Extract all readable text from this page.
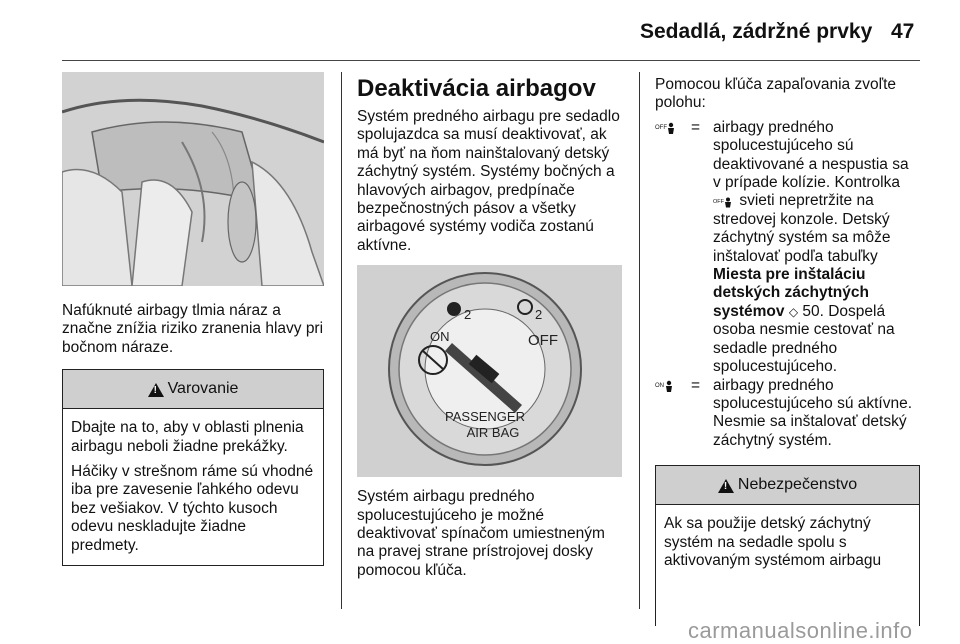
Sedadlá, zádržné prvky 47

Nafúknuté airbagy tlmia náraz a značne znížia riziko zranenia hlavy pri bočnom náraze.

!
Varovanie

Dbajte na to, aby v oblasti plnenia airbagu neboli žiadne prekážky.

Háčiky v strešnom ráme sú vhodné iba pre zavesenie ľahkého odevu bez vešiakov. V týchto kusoch odevu neskladujte žiadne predmety.

Deaktivácia airbagov

Systém predného airbagu pre sedadlo spolujazdca sa musí deaktivovať, ak má byť na ňom nainštalovaný detský záchytný systém. Systémy bočných a hlavových airbagov, predpínače bezpečnostných pásov a všetky airbagové systémy vodiča zostanú aktívne.

ON	OFF
2	2
PASSENGER
AIR BAG

Systém airbagu predného spolucestujúceho je možné deaktivovať spínačom umiestneným na pravej strane prístrojovej dosky pomocou kľúča.

Pomocou kľúča zapaľovania zvoľte polohu:

OFF = airbagy predného spolucestujúceho sú deaktivované a nespustia sa v prípade kolízie. Kontrolka
OFF svieti nepretržite na stredovej konzole. Detský záchytný systém sa môže inštalovať podľa tabuľky Miesta pre inštaláciu detských záchytných systémov ◇ 50. Dospelá osoba nesmie cestovať na sedadle predného spolucestujúceho.
ON = airbagy predného spolucestujúceho sú aktívne. Nesmie sa inštalovať detský záchytný systém.
!
Nebezpečenstvo

Ak sa použije detský záchytný systém na sedadle spolu s aktivovaným systémom airbagu

carmanualsonline.info
